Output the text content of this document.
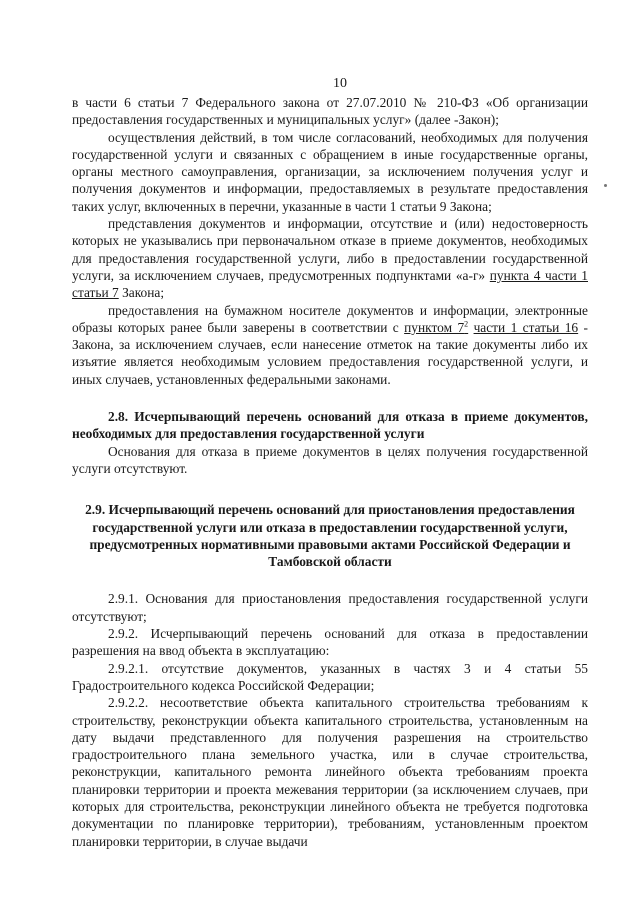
10

в части 6 статьи 7 Федерального закона от 27.07.2010 № 210-ФЗ «Об организации предоставления государственных и муниципальных услуг» (далее -Закон);

осуществления действий, в том числе согласований, необходимых для получения государственной услуги и связанных с обращением в иные государственные органы, органы местного самоуправления, организации, за исключением получения услуг и получения документов и информации, предоставляемых в результате предоставления таких услуг, включенных в перечни, указанные в части 1 статьи 9 Закона;

представления документов и информации, отсутствие и (или) недостоверность которых не указывались при первоначальном отказе в приеме документов, необходимых для предоставления государственной услуги, либо в предоставлении государственной услуги, за исключением случаев, предусмотренных подпунктами «а-г» пункта 4 части 1 статьи 7 Закона;

предоставления на бумажном носителе документов и информации, электронные образы которых ранее были заверены в соответствии с пунктом $7^2$ части 1 статьи 16 - Закона, за исключением случаев, если нанесение отметок на такие документы либо их изъятие является необходимым условием предоставления государственной услуги, и иных случаев, установленных федеральными законами.

2.8. Исчерпывающий перечень оснований для отказа в приеме документов, необходимых для предоставления государственной услуги

Основания для отказа в приеме документов в целях получения государственной услуги отсутствуют.

2.9. Исчерпывающий перечень оснований для приостановления предоставления государственной услуги или отказа в предоставлении государственной услуги, предусмотренных нормативными правовыми актами Российской Федерации и Тамбовской области

2.9.1. Основания для приостановления предоставления государственной услуги отсутствуют;

2.9.2. Исчерпывающий перечень оснований для отказа в предоставлении разрешения на ввод объекта в эксплуатацию:

2.9.2.1. отсутствие документов, указанных в частях 3 и 4 статьи 55 Градостроительного кодекса Российской Федерации;

2.9.2.2. несоответствие объекта капитального строительства требованиям к строительству, реконструкции объекта капитального строительства, установленным на дату выдачи представленного для получения разрешения на строительство градостроительного плана земельного участка, или в случае строительства, реконструкции, капитального ремонта линейного объекта требованиям проекта планировки территории и проекта межевания территории (за исключением случаев, при которых для строительства, реконструкции линейного объекта не требуется подготовка документации по планировке территории), требованиям, установленным проектом планировки территории, в случае выдачи
